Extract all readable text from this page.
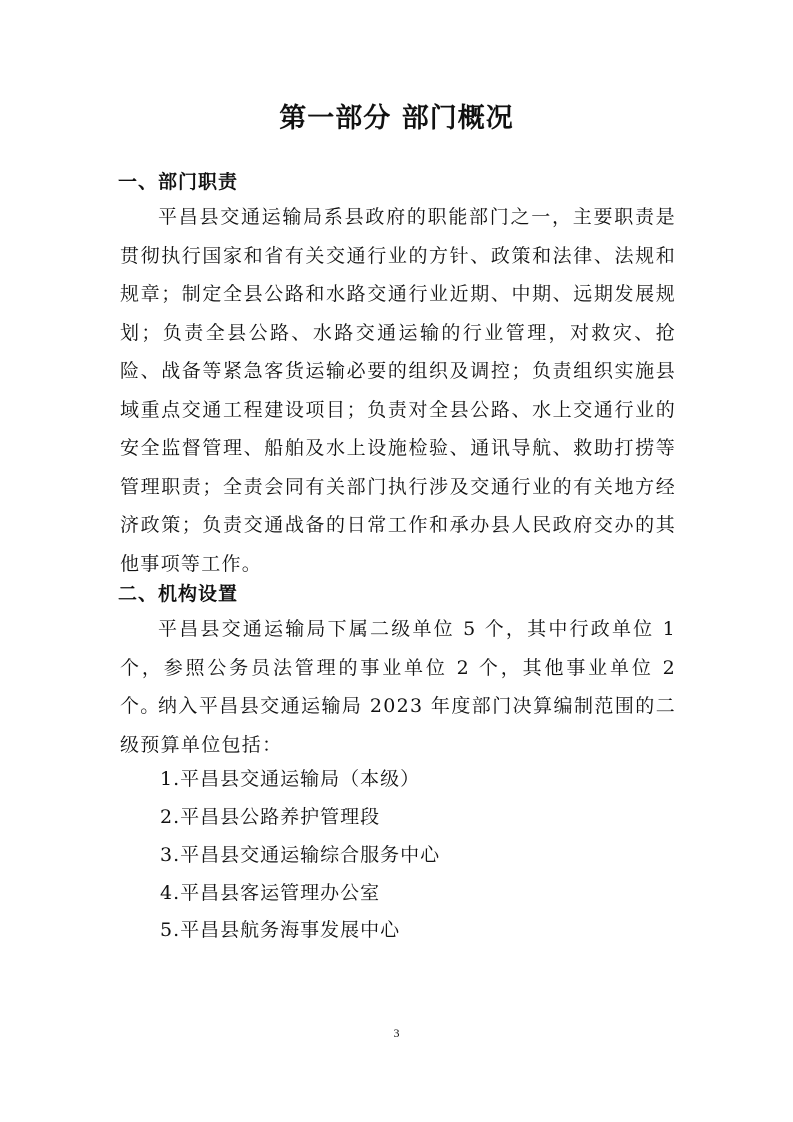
第一部分 部门概况
一、部门职责

平昌县交通运输局系县政府的职能部门之一，主要职责是贯彻执行国家和省有关交通行业的方针、政策和法律、法规和规章；制定全县公路和水路交通行业近期、中期、远期发展规划；负责全县公路、水路交通运输的行业管理，对救灾、抢险、战备等紧急客货运输必要的组织及调控；负责组织实施县域重点交通工程建设项目；负责对全县公路、水上交通行业的安全监督管理、船舶及水上设施检验、通讯导航、救助打捞等管理职责；全责会同有关部门执行涉及交通行业的有关地方经济政策；负责交通战备的日常工作和承办县人民政府交办的其他事项等工作。

二、机构设置

平昌县交通运输局下属二级单位 5 个，其中行政单位 1 个，参照公务员法管理的事业单位 2 个，其他事业单位 2 个。

纳入平昌县交通运输局 2023 年度部门决算编制范围的二级预算单位包括：

1.平昌县交通运输局（本级）
2.平昌县公路养护管理段
3.平昌县交通运输综合服务中心
4.平昌县客运管理办公室
5.平昌县航务海事发展中心
3
